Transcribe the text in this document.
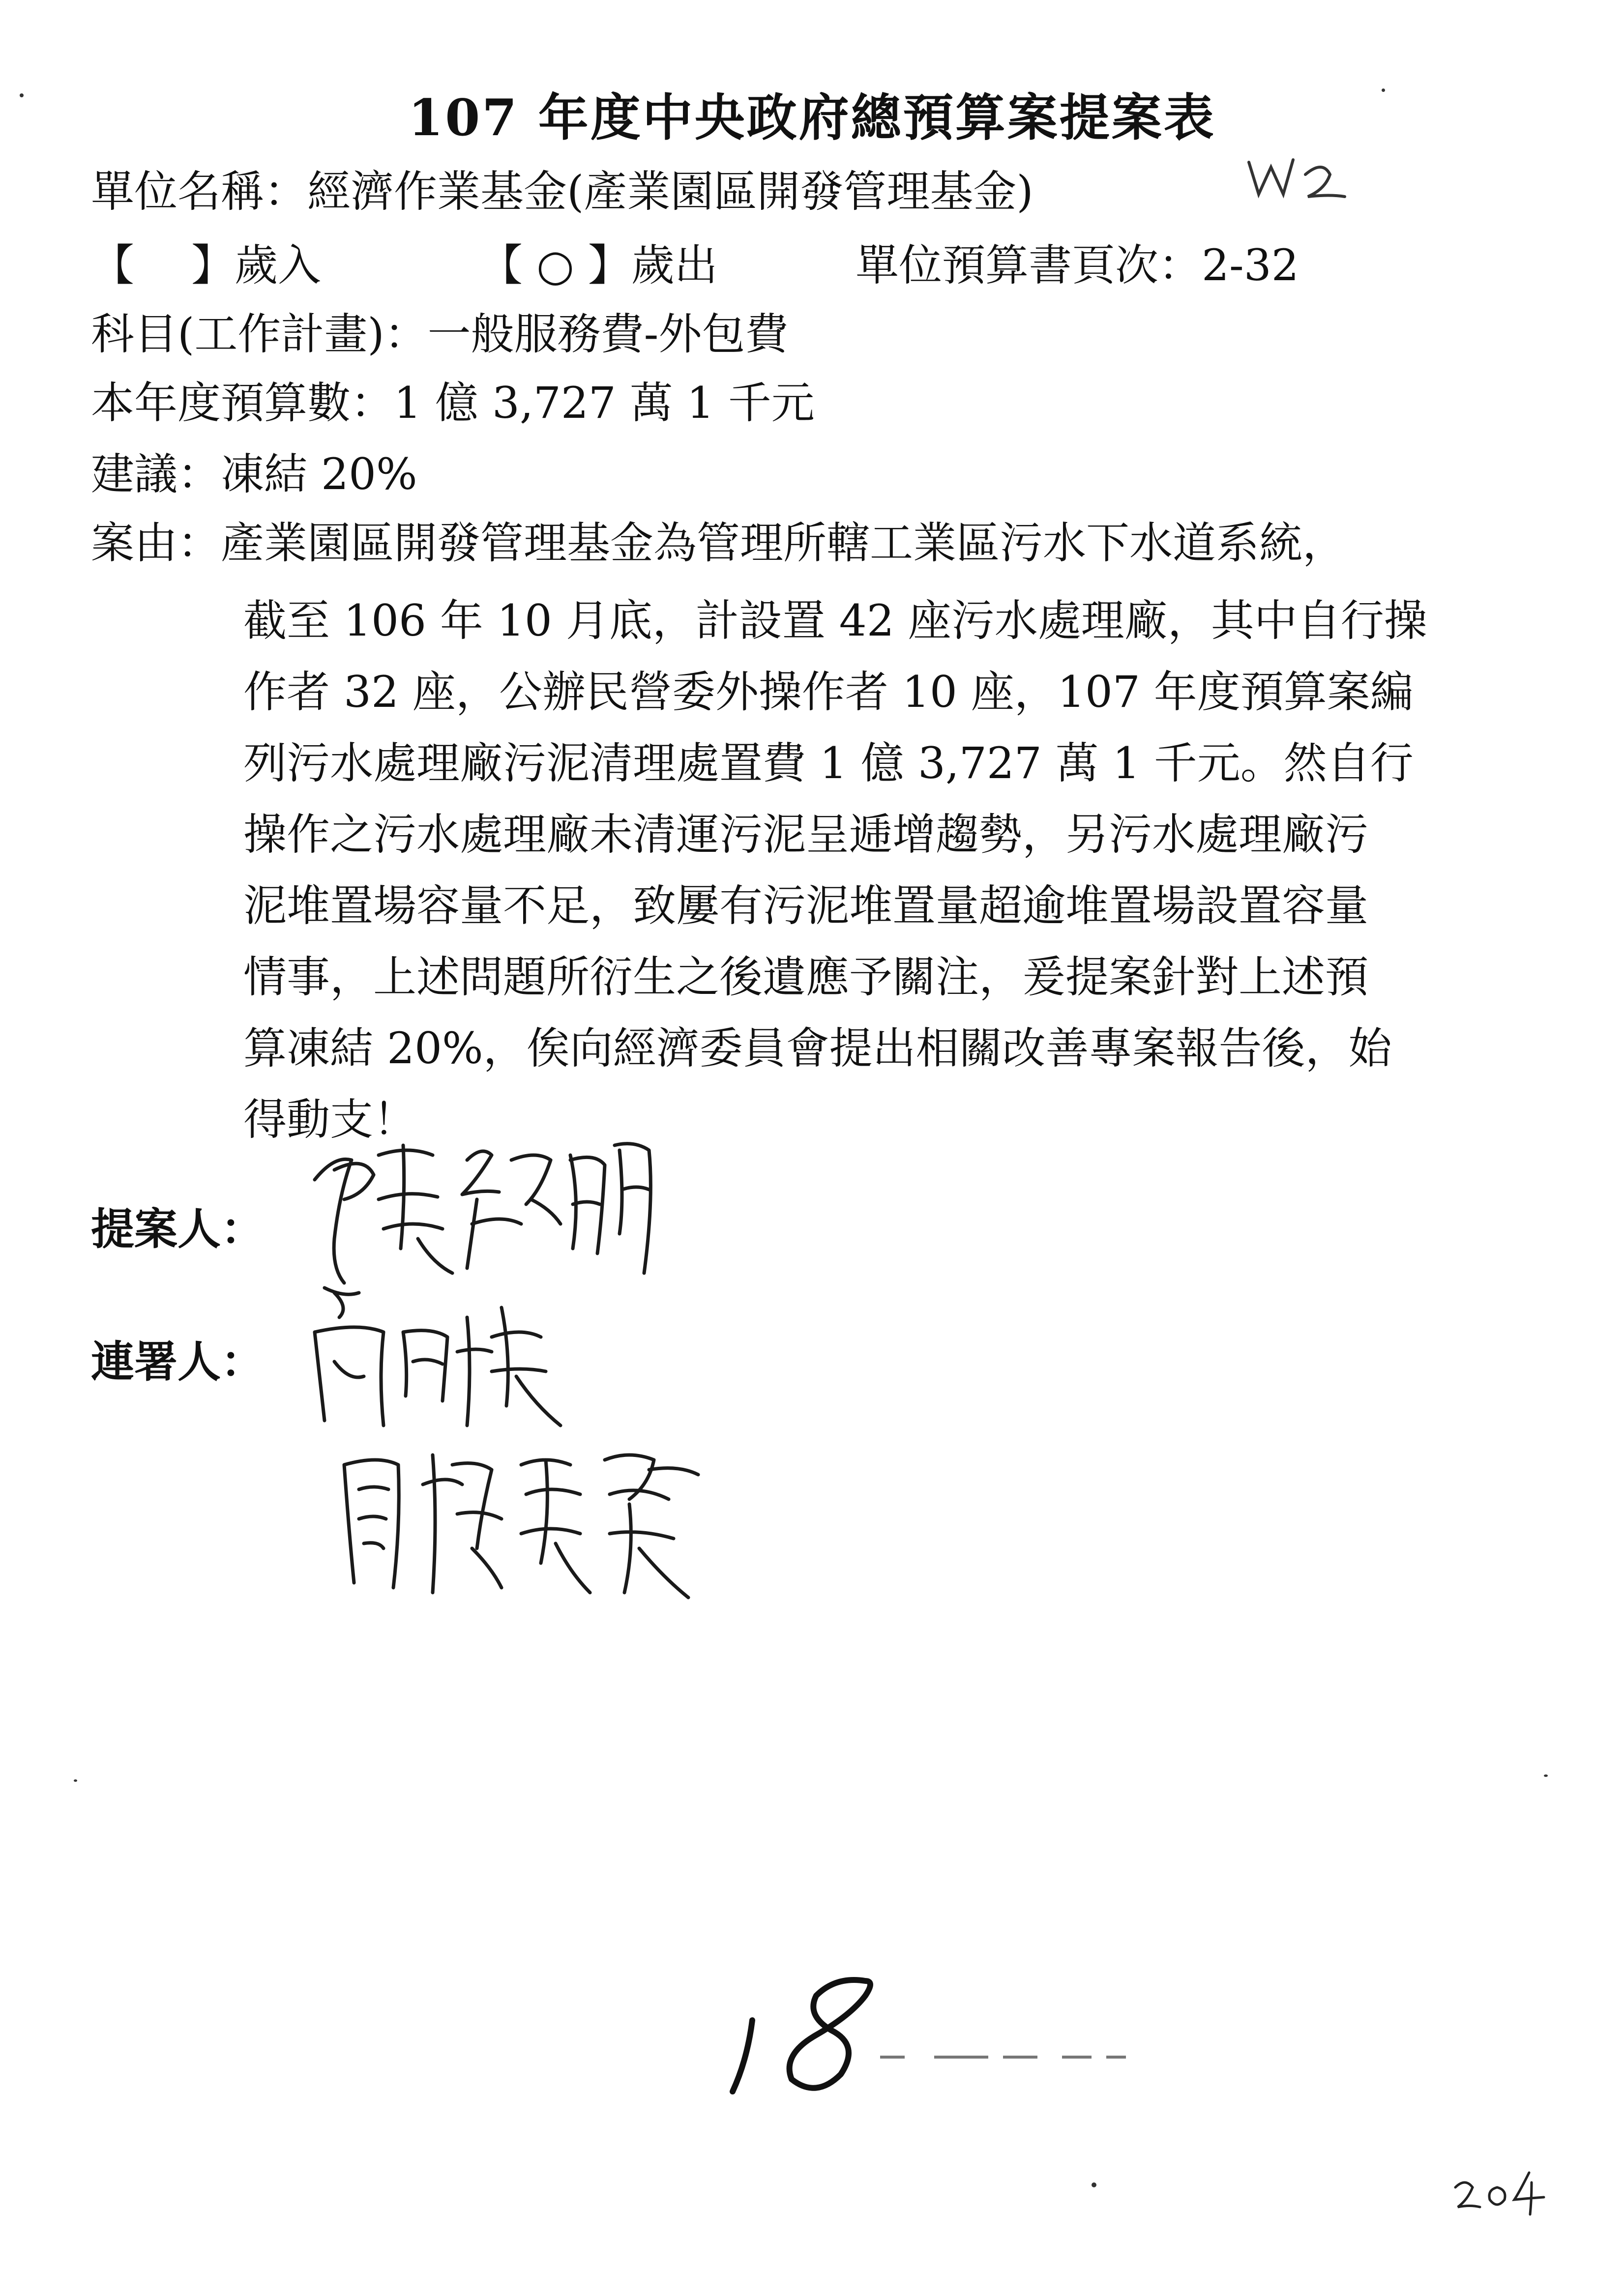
107 年度中央政府總預算案提案表
單位名稱：經濟作業基金(產業園區開發管理基金)
【　 】歲入	【 ○ 】歲出	單位預算書頁次：2-32
科目(工作計畫)：一般服務費-外包費
本年度預算數：1 億 3,727 萬 1 千元
建議：凍結 20%
案由：產業園區開發管理基金為管理所轄工業區污水下水道系統，

截至 106 年 10 月底，計設置 42 座污水處理廠，其中自行操

作者 32 座，公辦民營委外操作者 10 座，107 年度預算案編

列污水處理廠污泥清理處置費 1 億 3,727 萬 1 千元。然自行

操作之污水處理廠未清運污泥呈逓增趨勢，另污水處理廠污

泥堆置場容量不足，致屢有污泥堆置量超逾堆置場設置容量

情事，上述問題所衍生之後遺應予關注，爰提案針對上述預

算凍結 20%，俟向經濟委員會提出相關改善專案報告後，始

得動支！

提案人：
連署人：
